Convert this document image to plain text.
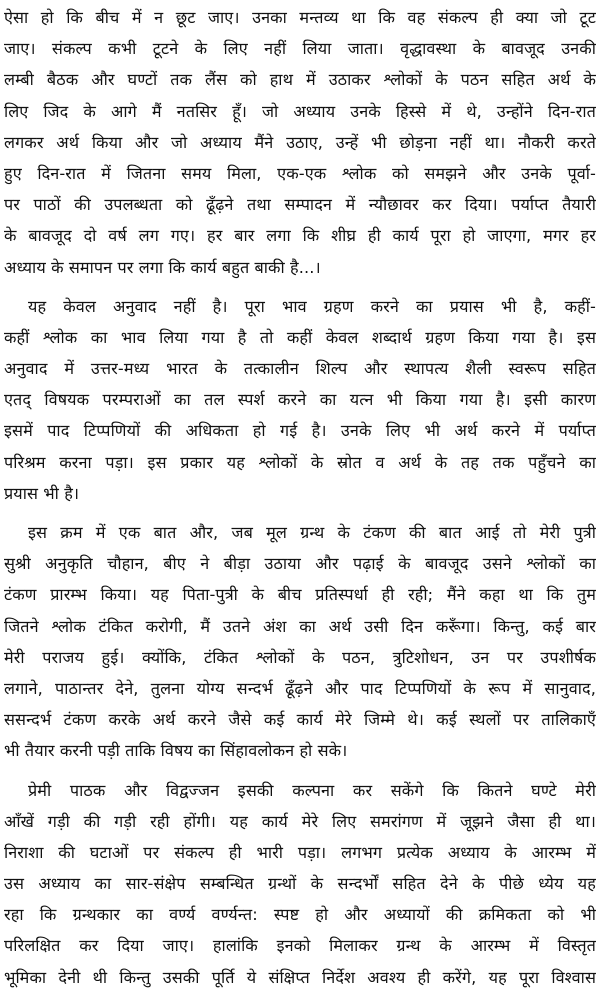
ऐसा हो कि बीच में न छूट जाए। उनका मन्तव्य था कि वह संकल्प ही क्या जो टूट
जाए। संकल्प कभी टूटने के लिए नहीं लिया जाता। वृद्धावस्था के बावजूद उनकी
लम्बी बैठक और घण्टों तक लैंस को हाथ में उठाकर श्लोकों के पठन सहित अर्थ के
लिए जिद के आगे मैं नतसिर हूँ। जो अध्याय उनके हिस्से में थे, उन्होंने दिन-रात
लगकर अर्थ किया और जो अध्याय मैंने उठाए, उन्हें भी छोड़ना नहीं था। नौकरी करते
हुए दिन-रात में जितना समय मिला, एक-एक श्लोक को समझने और उनके पूर्वा-
पर पाठों की उपलब्धता को ढूँढ़ने तथा सम्पादन में न्यौछावर कर दिया। पर्याप्त तैयारी
के बावजूद दो वर्ष लग गए। हर बार लगा कि शीघ्र ही कार्य पूरा हो जाएगा, मगर हर
अध्याय के समापन पर लगा कि कार्य बहुत बाकी है...।
यह केवल अनुवाद नहीं है। पूरा भाव ग्रहण करने का प्रयास भी है, कहीं-
कहीं श्लोक का भाव लिया गया है तो कहीं केवल शब्दार्थ ग्रहण किया गया है। इस
अनुवाद में उत्तर-मध्य भारत के तत्कालीन शिल्प और स्थापत्य शैली स्वरूप सहित
एतद् विषयक परम्पराओं का तल स्पर्श करने का यत्न भी किया गया है। इसी कारण
इसमें पाद टिप्पणियों की अधिकता हो गई है। उनके लिए भी अर्थ करने में पर्याप्त
परिश्रम करना पड़ा। इस प्रकार यह श्लोकों के स्रोत व अर्थ के तह तक पहुँचने का
प्रयास भी है।
इस क्रम में एक बात और, जब मूल ग्रन्थ के टंकण की बात आई तो मेरी पुत्री
सुश्री अनुकृति चौहान, बीए ने बीड़ा उठाया और पढ़ाई के बावजूद उसने श्लोकों का
टंकण प्रारम्भ किया। यह पिता-पुत्री के बीच प्रतिस्पर्धा ही रही; मैंने कहा था कि तुम
जितने श्लोक टंकित करोगी, मैं उतने अंश का अर्थ उसी दिन करूँगा। किन्तु, कई बार
मेरी पराजय हुई। क्योंकि, टंकित श्लोकों के पठन, त्रुटिशोधन, उन पर उपशीर्षक
लगाने, पाठान्तर देने, तुलना योग्य सन्दर्भ ढूँढ़ने और पाद टिप्पणियों के रूप में सानुवाद,
ससन्दर्भ टंकण करके अर्थ करने जैसे कई कार्य मेरे जिम्मे थे। कई स्थलों पर तालिकाएँ
भी तैयार करनी पड़ी ताकि विषय का सिंहावलोकन हो सके।
प्रेमी पाठक और विद्वज्जन इसकी कल्पना कर सकेंगे कि कितने घण्टे मेरी
आँखें गड़ी की गड़ी रही होंगी। यह कार्य मेरे लिए समरांगण में जूझने जैसा ही था।
निराशा की घटाओं पर संकल्प ही भारी पड़ा। लगभग प्रत्येक अध्याय के आरम्भ में
उस अध्याय का सार-संक्षेप सम्बन्धित ग्रन्थों के सन्दर्भों सहित देने के पीछे ध्येय यह
रहा कि ग्रन्थकार का वर्ण्य वर्ण्यन्त: स्पष्ट हो और अध्यायों की क्रमिकता को भी
परिलक्षित कर दिया जाए। हालांकि इनको मिलाकर ग्रन्थ के आरम्भ में विस्तृत
भूमिका देनी थी किन्तु उसकी पूर्ति ये संक्षिप्त निर्देश अवश्य ही करेंगे, यह पूरा विश्वास
